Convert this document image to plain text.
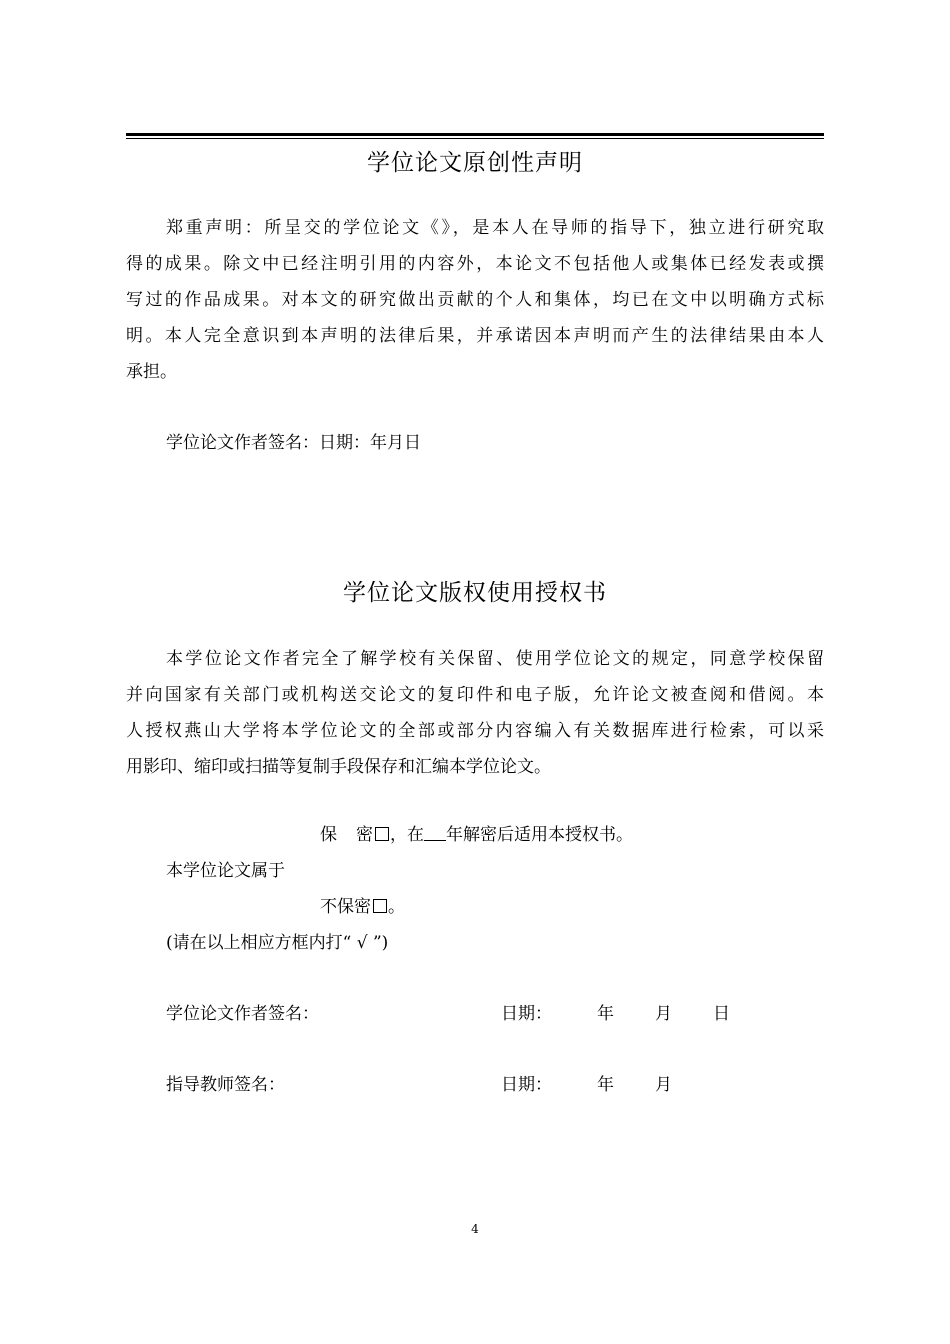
学位论文原创性声明
郑重声明：所呈交的学位论文《》，是本人在导师的指导下，独立进行研究取
得的成果。除文中已经注明引用的内容外，本论文不包括他人或集体已经发表或撰
写过的作品成果。对本文的研究做出贡献的个人和集体，均已在文中以明确方式标
明。本人完全意识到本声明的法律后果，并承诺因本声明而产生的法律结果由本人
承担。
学位论文作者签名：日期：年月日
学位论文版权使用授权书
本学位论文作者完全了解学校有关保留、使用学位论文的规定，同意学校保留
并向国家有关部门或机构送交论文的复印件和电子版，允许论文被查阅和借阅。本
人授权燕山大学将本学位论文的全部或部分内容编入有关数据库进行检索，可以采
用影印、缩印或扫描等复制手段保存和汇编本学位论文。
保 密 ，在 年解密后适用本授权书。
本学位论文属于
不保密 。
(请在以上相应方框内打“ √ ”)
学位论文作者签名：	日期：	年 月 日
指导教师签名：	日期：	年 月
4
